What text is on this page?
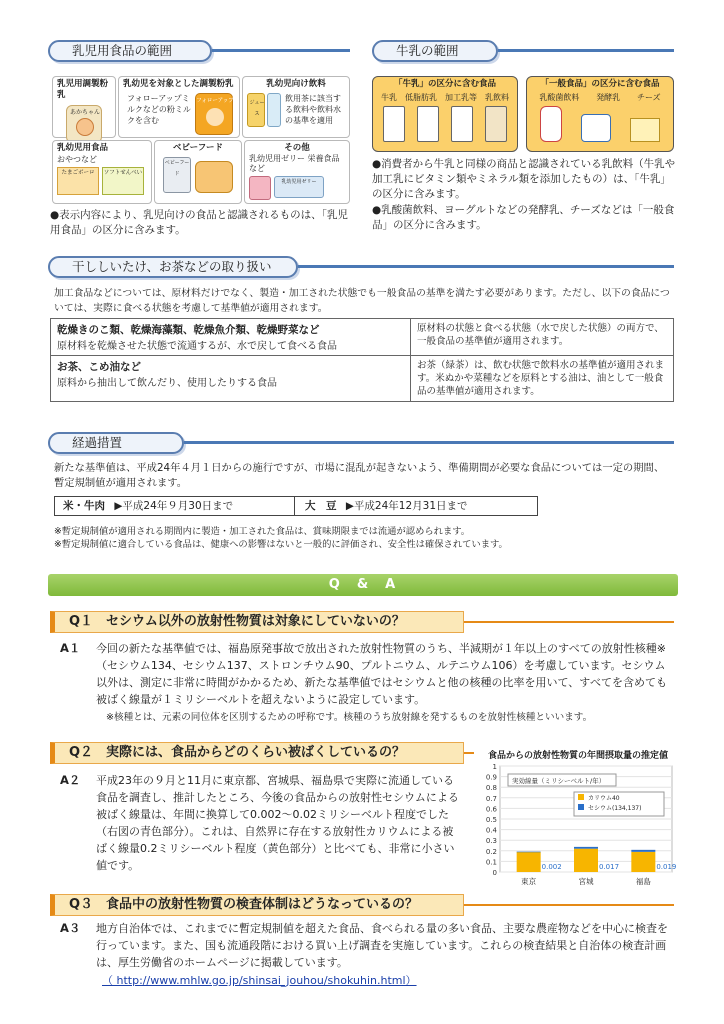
乳児用食品の範囲
乳児用調製粉乳
あかちゃん
乳幼児を対象とした調製粉乳
フォローアップミルクなどの粉ミルクを含む
フォローアップ
乳幼児向け飲料
ジュース
飲用茶に該当する飲料や飲料水の基準を適用
乳幼児用食品
おやつなど
たまごボーロ	ソフトせんべい
ベビーフード
ベビーフード
その他
乳幼児用ゼリー 栄養食品など
乳幼児用ゼリー
●表示内容により、乳児向けの食品と認識されるものは、「乳児用食品」の区分に含みます。
牛乳の範囲
「牛乳」の区分に含む食品
牛乳 低脂肪乳 加工乳等 乳飲料
「一般食品」の区分に含む食品
乳酸菌飲料 発酵乳 チーズ
●消費者から牛乳と同様の商品と認識されている乳飲料（牛乳や加工乳にビタミン類やミネラル類を添加したもの）は、「牛乳」の区分に含みます。
●乳酸菌飲料、ヨーグルトなどの発酵乳、チーズなどは「一般食品」の区分に含みます。
干ししいたけ、お茶などの取り扱い
加工食品などについては、原材料だけでなく、製造・加工された状態でも一般食品の基準を満たす必要があります。ただし、以下の食品については、実際に食べる状態を考慮して基準値が適用されます。
乾燥きのこ類、乾燥海藻類、乾燥魚介類、乾燥野菜など
原材料を乾燥させた状態で流通するが、水で戻して食べる食品	原材料の状態と食べる状態（水で戻した状態）の両方で、一般食品の基準値が適用されます。

お茶、こめ油など
原料から抽出して飲んだり、使用したりする食品	お茶（緑茶）は、飲む状態で飲料水の基準値が適用されます。米ぬかや菜種などを原料とする油は、油として一般食品の基準値が適用されます。
経過措置
新たな基準値は、平成24年４月１日からの施行ですが、市場に混乱が起きないよう、準備期間が必要な食品については一定の期間、暫定規制値が適用されます。
米・牛肉 ▶平成24年９月30日まで	大　豆 ▶平成24年12月31日まで
※暫定規制値が適用される期間内に製造・加工された食品は、賞味期限までは流通が認められます。
※暫定規制値に適合している食品は、健康への影響はないと一般的に評価され、安全性は確保されています。
Q　&　A
Q１　セシウム以外の放射性物質は対象にしていないの？
A１ 今回の新たな基準値では、福島原発事故で放出された放射性物質のうち、半減期が１年以上のすべての放射性核種※（セシウム134、セシウム137、ストロンチウム90、プルトニウム、ルテニウム106）を考慮しています。セシウム以外は、測定に非常に時間がかかるため、新たな基準値ではセシウムと他の核種の比率を用いて、すべてを含めても被ばく線量が１ミリシーベルトを超えないように設定しています。
※核種とは、元素の同位体を区別するための呼称です。核種のうち放射線を発するものを放射性核種といいます。
Q２　実際には、食品からどのくらい被ばくしているの？
A２ 平成23年の９月と11月に東京都、宮城県、福島県で実際に流通している食品を調査し、推計したところ、今後の食品からの放射性セシウムによる被ばく線量は、年間に換算して0.002～0.02ミリシーベルト程度でした（右図の青色部分）。これは、自然界に存在する放射性カリウムによる被ばく線量0.2ミリシーベルト程度（黄色部分）と比べても、非常に小さい値です。
食品からの放射性物質の年間摂取量の推定値
0
0.1
0.2
0.3
0.4
0.5
0.6
0.7
0.8
0.9
1
実効線量（ミリシーベルト/年）
カリウム40
セシウム(134,137)
0.002
東京
0.017
宮城
0.019
福島
Q３　食品中の放射性物質の検査体制はどうなっているの？
A３ 地方自治体では、これまでに暫定規制値を超えた食品、食べられる量の多い食品、主要な農産物などを中心に検査を行っています。また、国も流通段階における買い上げ調査を実施しています。これらの検査結果と自治体の検査計画は、厚生労働省のホームページに掲載しています。
（ http://www.mhlw.go.jp/shinsai_jouhou/shokuhin.html）
